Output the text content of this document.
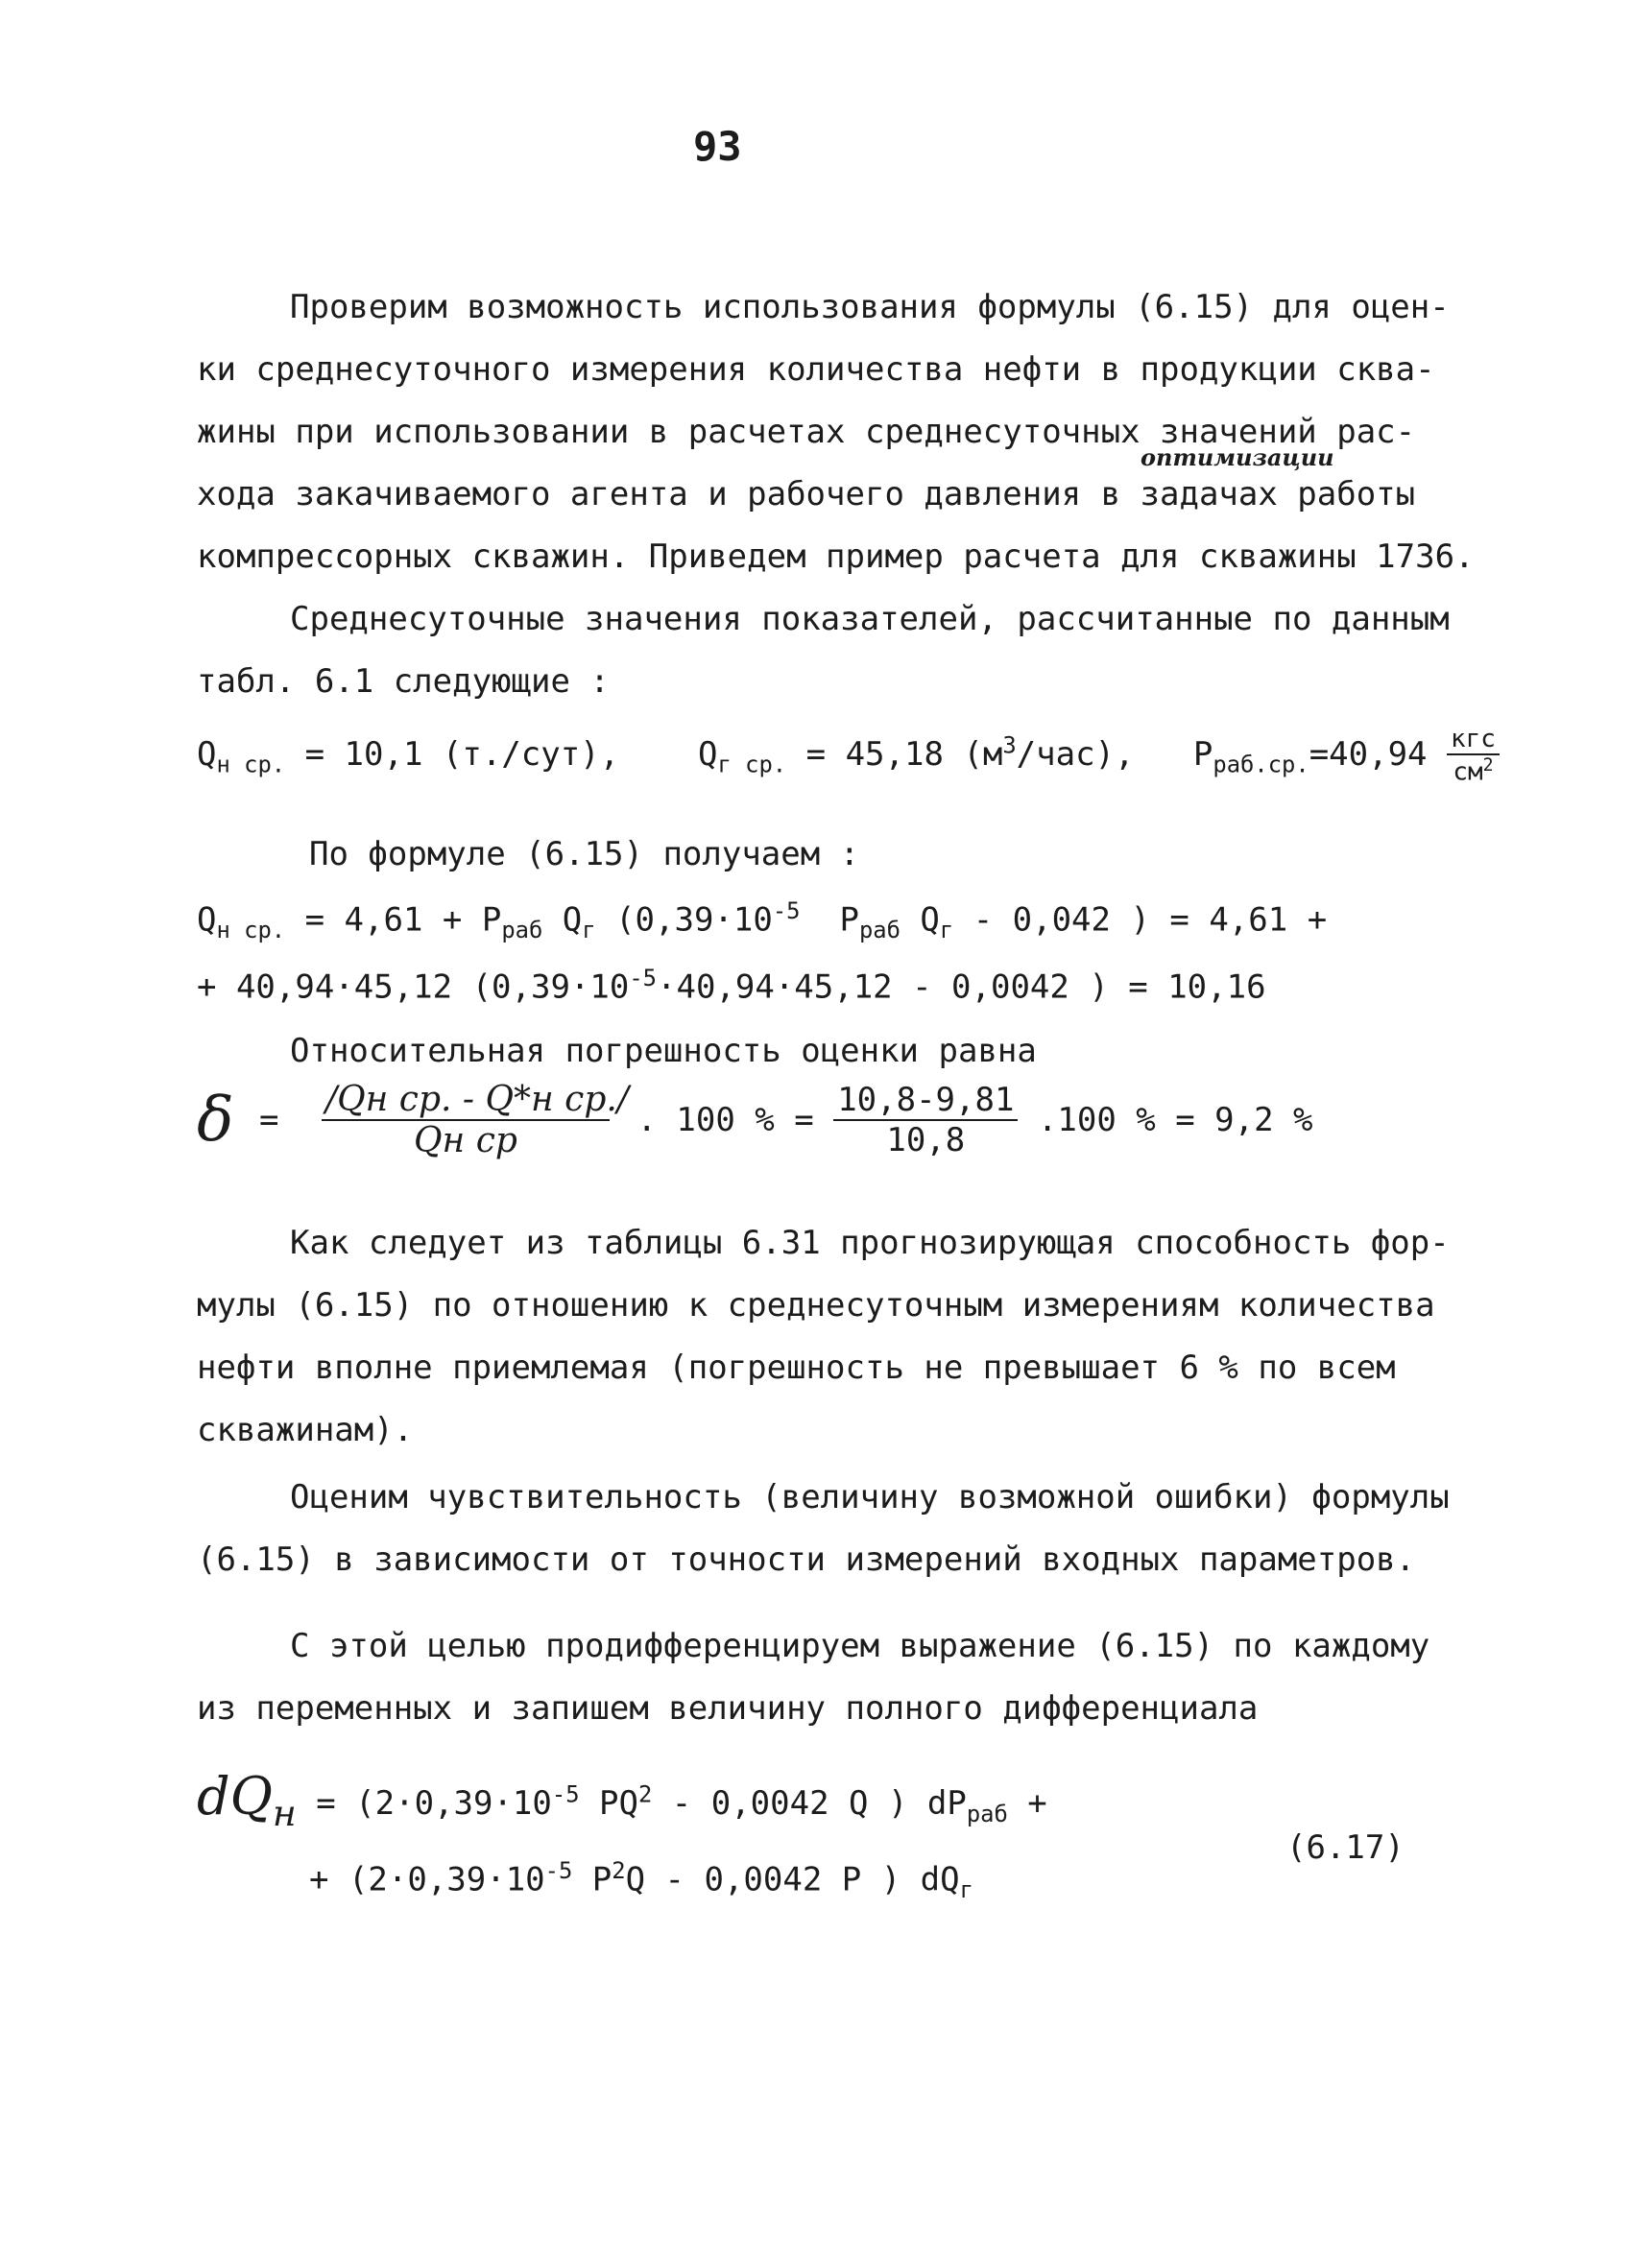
93
Проверим возможность использования формулы (6.15) для оцен-
ки среднесуточного измерения количества нефти в продукции сква-
жины при использовании в расчетах среднесуточных значений рас-
оптимизации
хода закачиваемого агента и рабочего давления в задачах работы
компрессорных скважин. Приведем пример расчета для скважины 1736.
Среднесуточные значения показателей, рассчитанные по данным
табл. 6.1 следующие :
$Q_{н ср.} = 10,1$ (т./сут), $Q_{г ср.} = 45,18$ $(м^3/час)$, $P_{раб.ср.}=40,94 \frac{\text{кгс}}{см^2}$
По формуле (6.15) получаем :
$Q_{н ср.} = 4,61 + P_{раб}$ $Q_г$ ($0,39\cdot 10^{-5}$ $P_{раб}$ $Q_г - 0,042$ ) = 4,61 +
+ 40,94·45,12 ($0,39\cdot 10^{-5}\cdot 40,94\cdot 45,12 - 0,0042$ ) = 10,16
Относительная погрешность оценки равна
$\delta = \frac{\text{/Qн ср. - Q*н ср./}}{\text{Qн ср}}$ . 100 % = $\frac{10,8-9,81}{10,8} .100$ % = 9,2 %
Как следует из таблицы 6.31 прогнозирующая способность фор-
мулы (6.15) по отношению к среднесуточным измерениям количества
нефти вполне приемлемая (погрешность не превышает 6 % по всем
скважинам).
Оценим чувствительность (величину возможной ошибки) формулы
(6.15) в зависимости от точности измерений входных параметров.
С этой целью продифференцируем выражение (6.15) по каждому
из переменных и запишем величину полного дифференциала
$dQ_н = (2\cdot 0,39\cdot 10^{-5}$ $PQ^2 - 0,0042$ Q ) $dP_{раб}$ +
+ ($2\cdot 0,39\cdot 10^{-5}$ $P^2Q - 0,0042$ P ) $dQ_г$
(6.17)
